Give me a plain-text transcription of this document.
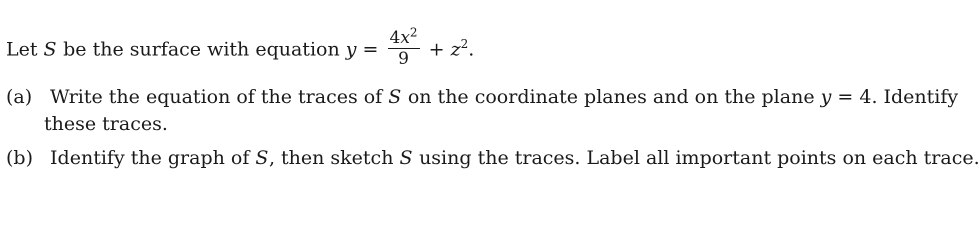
Let S be the surface with equation $y = \frac{4x^2}{9} + z^2$.
(a) Write the equation of the traces of S on the coordinate planes and on the plane y = 4. Identify
these traces.
(b) Identify the graph of S, then sketch S using the traces. Label all important points on each trace.
